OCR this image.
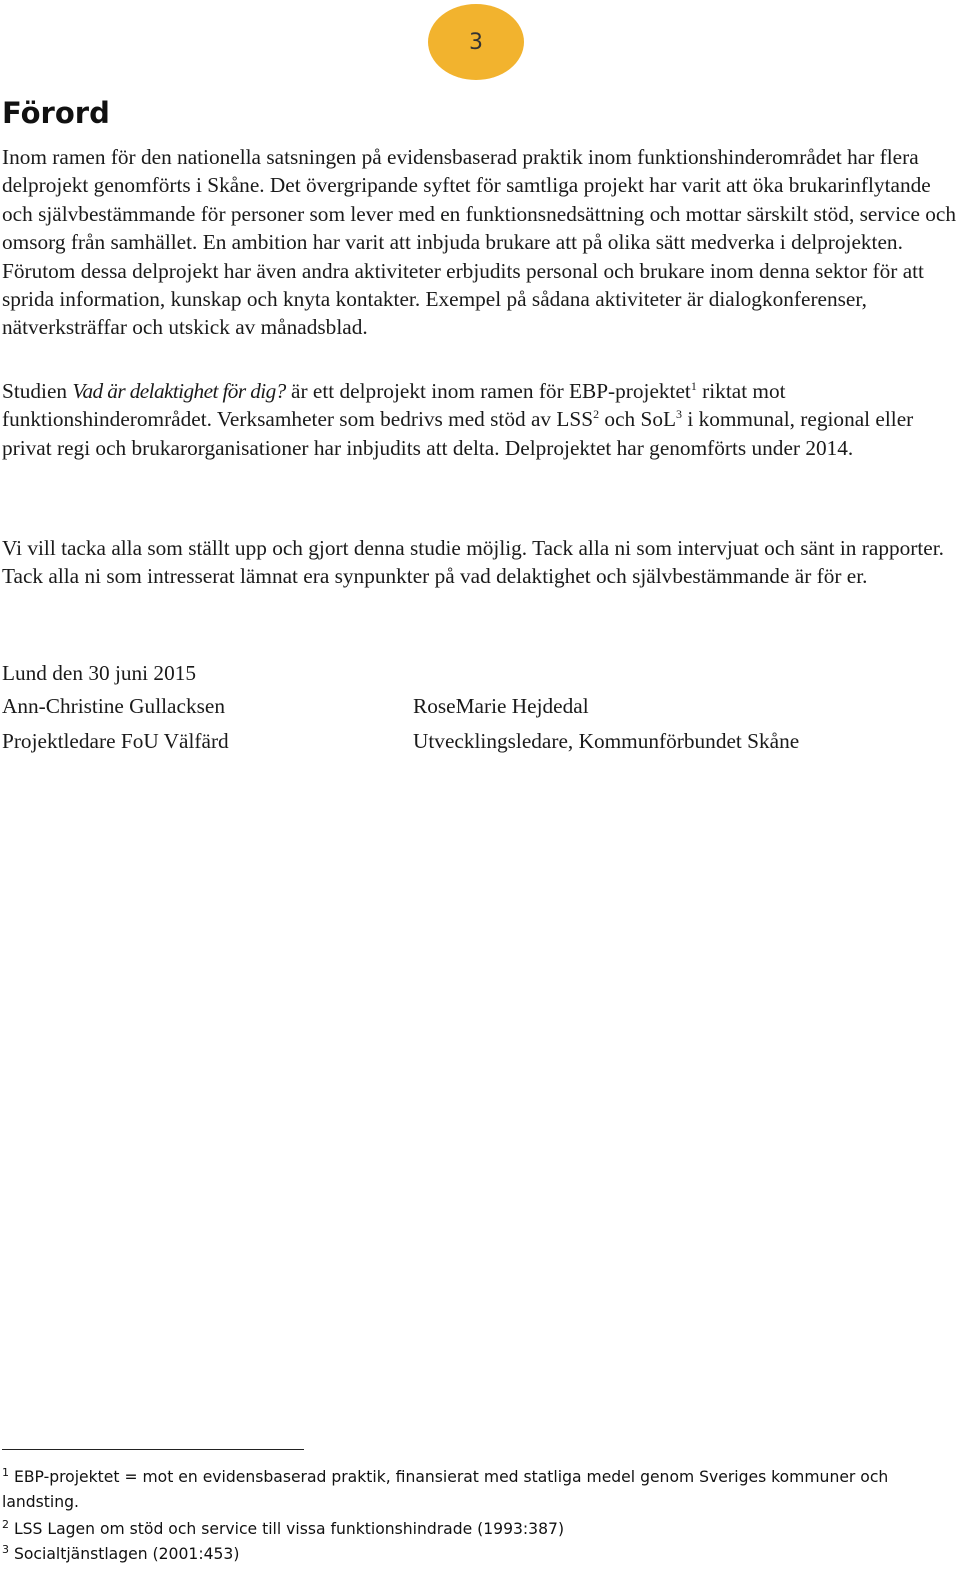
3
Förord

Inom ramen för den nationella satsningen på evidensbaserad praktik inom funktionshinderområdet har flera delprojekt genomförts i Skåne. Det övergripande syftet för samtliga projekt har varit att öka brukarinflytande och självbestämmande för personer som lever med en funktionsnedsättning och mottar särskilt stöd, service och omsorg från samhället. En ambition har varit att inbjuda brukare att på olika sätt medverka i delprojekten. Förutom dessa delprojekt har även andra aktiviteter erbjudits personal och brukare inom denna sektor för att sprida information, kunskap och knyta kontakter. Exempel på sådana aktiviteter är dialogkonferenser, nätverksträffar och utskick av månadsblad.

Studien Vad är delaktighet för dig? är ett delprojekt inom ramen för EBP-projektet$^1$ riktat mot funktionshinderområdet. Verksamheter som bedrivs med stöd av LSS$^2$ och SoL$^3$ i kommunal, regional eller privat regi och brukarorganisationer har inbjudits att delta. Delprojektet har genomförts under 2014.

Vi vill tacka alla som ställt upp och gjort denna studie möjlig. Tack alla ni som intervjuat och sänt in rapporter. Tack alla ni som intresserat lämnat era synpunkter på vad delaktighet och självbestämmande är för er.

Lund den 30 juni 2015

Ann-Christine Gullacksen
Projektledare FoU Välfärd
RoseMarie Hejdedal
Utvecklingsledare, Kommunförbundet Skåne

$^1$ EBP-projektet = mot en evidensbaserad praktik, finansierat med statliga medel genom Sveriges kommuner och landsting.

$^2$ LSS Lagen om stöd och service till vissa funktionshindrade (1993:387)

$^3$ Socialtjänstlagen (2001:453)
